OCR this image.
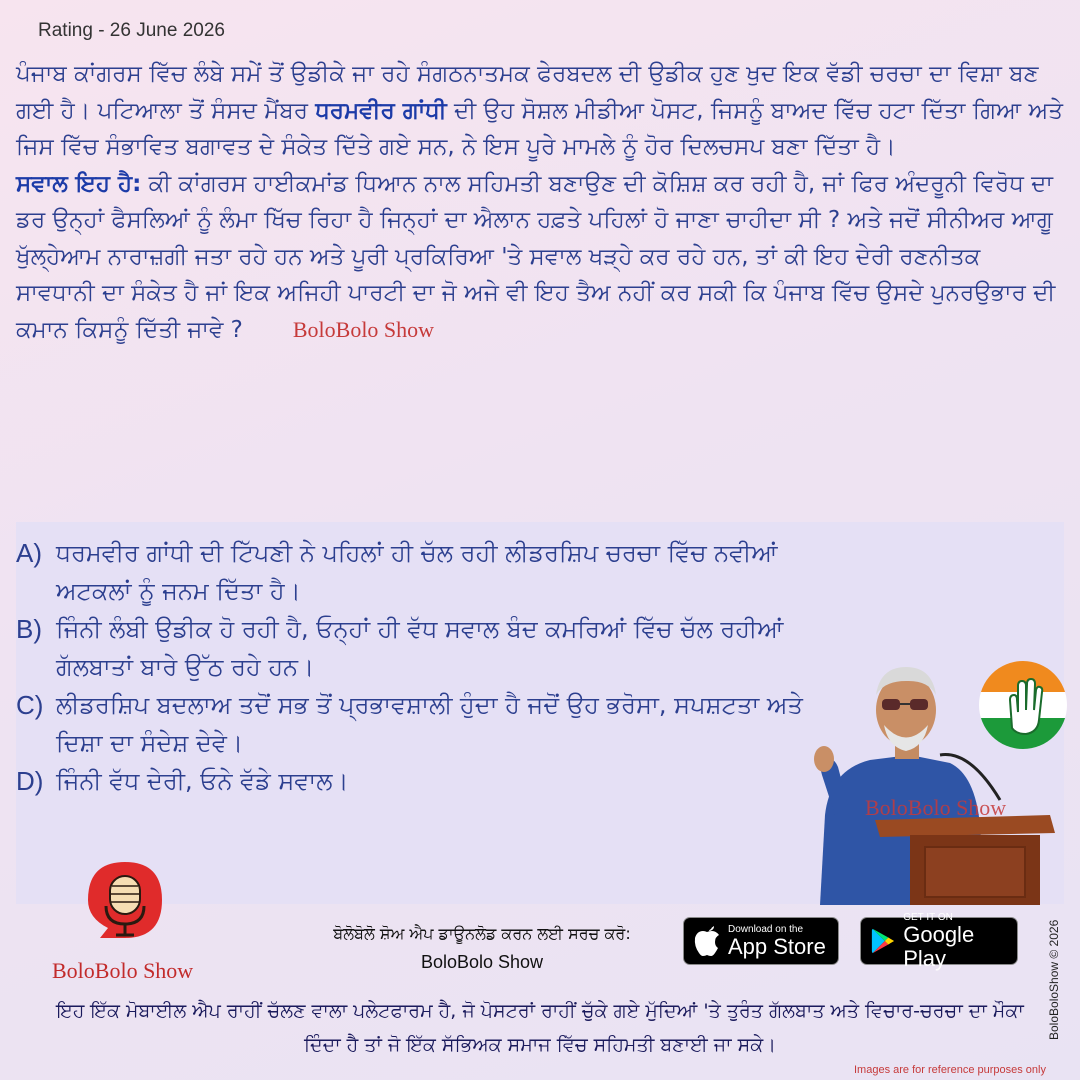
Rating - 26 June 2026
ਪੰਜਾਬ ਕਾਂਗਰਸ ਵਿੱਚ ਲੰਬੇ ਸਮੇਂ ਤੋਂ ਉਡੀਕੇ ਜਾ ਰਹੇ ਸੰਗਠਨਾਤਮਕ ਫੇਰਬਦਲ ਦੀ ਉਡੀਕ ਹੁਣ ਖੁਦ ਇਕ ਵੱਡੀ ਚਰਚਾ ਦਾ ਵਿਸ਼ਾ ਬਣ ਗਈ ਹੈ। ਪਟਿਆਲਾ ਤੋਂ ਸੰਸਦ ਮੈਂਬਰ ਧਰਮਵੀਰ ਗਾਂਧੀ ਦੀ ਉਹ ਸੋਸ਼ਲ ਮੀਡੀਆ ਪੋਸਟ, ਜਿਸਨੂੰ ਬਾਅਦ ਵਿੱਚ ਹਟਾ ਦਿੱਤਾ ਗਿਆ ਅਤੇ ਜਿਸ ਵਿੱਚ ਸੰਭਾਵਿਤ ਬਗਾਵਤ ਦੇ ਸੰਕੇਤ ਦਿੱਤੇ ਗਏ ਸਨ, ਨੇ ਇਸ ਪੂਰੇ ਮਾਮਲੇ ਨੂੰ ਹੋਰ ਦਿਲਚਸਪ ਬਣਾ ਦਿੱਤਾ ਹੈ।
ਸਵਾਲ ਇਹ ਹੈ: ਕੀ ਕਾਂਗਰਸ ਹਾਈਕਮਾਂਡ ਧਿਆਨ ਨਾਲ ਸਹਿਮਤੀ ਬਣਾਉਣ ਦੀ ਕੋਸ਼ਿਸ਼ ਕਰ ਰਹੀ ਹੈ, ਜਾਂ ਫਿਰ ਅੰਦਰੂਨੀ ਵਿਰੋਧ ਦਾ ਡਰ ਉਨ੍ਹਾਂ ਫੈਸਲਿਆਂ ਨੂੰ ਲੰਮਾ ਖਿੱਚ ਰਿਹਾ ਹੈ ਜਿਨ੍ਹਾਂ ਦਾ ਐਲਾਨ ਹਫ਼ਤੇ ਪਹਿਲਾਂ ਹੋ ਜਾਣਾ ਚਾਹੀਦਾ ਸੀ ? ਅਤੇ ਜਦੋਂ ਸੀਨੀਅਰ ਆਗੂ ਖੁੱਲ੍ਹੇਆਮ ਨਾਰਾਜ਼ਗੀ ਜਤਾ ਰਹੇ ਹਨ ਅਤੇ ਪੂਰੀ ਪ੍ਰਕਿਰਿਆ 'ਤੇ ਸਵਾਲ ਖੜ੍ਹੇ ਕਰ ਰਹੇ ਹਨ, ਤਾਂ ਕੀ ਇਹ ਦੇਰੀ ਰਣਨੀਤਕ ਸਾਵਧਾਨੀ ਦਾ ਸੰਕੇਤ ਹੈ ਜਾਂ ਇਕ ਅਜਿਹੀ ਪਾਰਟੀ ਦਾ ਜੋ ਅਜੇ ਵੀ ਇਹ ਤੈਅ ਨਹੀਂ ਕਰ ਸਕੀ ਕਿ ਪੰਜਾਬ ਵਿੱਚ ਉਸਦੇ ਪੁਨਰਉਭਾਰ ਦੀ ਕਮਾਨ ਕਿਸਨੂੰ ਦਿੱਤੀ ਜਾਵੇ ? BoloBolo Show
A) ਧਰਮਵੀਰ ਗਾਂਧੀ ਦੀ ਟਿੱਪਣੀ ਨੇ ਪਹਿਲਾਂ ਹੀ ਚੱਲ ਰਹੀ ਲੀਡਰਸ਼ਿਪ ਚਰਚਾ ਵਿੱਚ ਨਵੀਆਂ ਅਟਕਲਾਂ ਨੂੰ ਜਨਮ ਦਿੱਤਾ ਹੈ।
B) ਜਿੰਨੀ ਲੰਬੀ ਉਡੀਕ ਹੋ ਰਹੀ ਹੈ, ਓਨ੍ਹਾਂ ਹੀ ਵੱਧ ਸਵਾਲ ਬੰਦ ਕਮਰਿਆਂ ਵਿੱਚ ਚੱਲ ਰਹੀਆਂ ਗੱਲਬਾਤਾਂ ਬਾਰੇ ਉੱਠ ਰਹੇ ਹਨ।
C) ਲੀਡਰਸ਼ਿਪ ਬਦਲਾਅ ਤਦੋਂ ਸਭ ਤੋਂ ਪ੍ਰਭਾਵਸ਼ਾਲੀ ਹੁੰਦਾ ਹੈ ਜਦੋਂ ਉਹ ਭਰੋਸਾ, ਸਪਸ਼ਟਤਾ ਅਤੇ ਦਿਸ਼ਾ ਦਾ ਸੰਦੇਸ਼ ਦੇਵੇ।
D) ਜਿੰਨੀ ਵੱਧ ਦੇਰੀ, ਓਨੇ ਵੱਡੇ ਸਵਾਲ।
BoloBolo Show
BoloBolo Show
ਬੋਲੋਬੋਲੋ ਸ਼ੋਅ ਐਪ ਡਾਊਨਲੋਡ ਕਰਨ ਲਈ ਸਰਚ ਕਰੋ:
BoloBolo Show
Download on the
App Store
GET IT ON
Google Play	BoloBoloShow © 2026
ਇਹ ਇੱਕ ਮੋਬਾਈਲ ਐਪ ਰਾਹੀਂ ਚੱਲਣ ਵਾਲਾ ਪਲੇਟਫਾਰਮ ਹੈ, ਜੋ ਪੋਸਟਰਾਂ ਰਾਹੀਂ ਚੁੱਕੇ ਗਏ ਮੁੱਦਿਆਂ 'ਤੇ ਤੁਰੰਤ ਗੱਲਬਾਤ ਅਤੇ ਵਿਚਾਰ-ਚਰਚਾ ਦਾ ਮੌਕਾ ਦਿੰਦਾ ਹੈ ਤਾਂ ਜੋ ਇੱਕ ਸੱਭਿਅਕ ਸਮਾਜ ਵਿੱਚ ਸਹਿਮਤੀ ਬਣਾਈ ਜਾ ਸਕੇ।
Images are for reference purposes only
